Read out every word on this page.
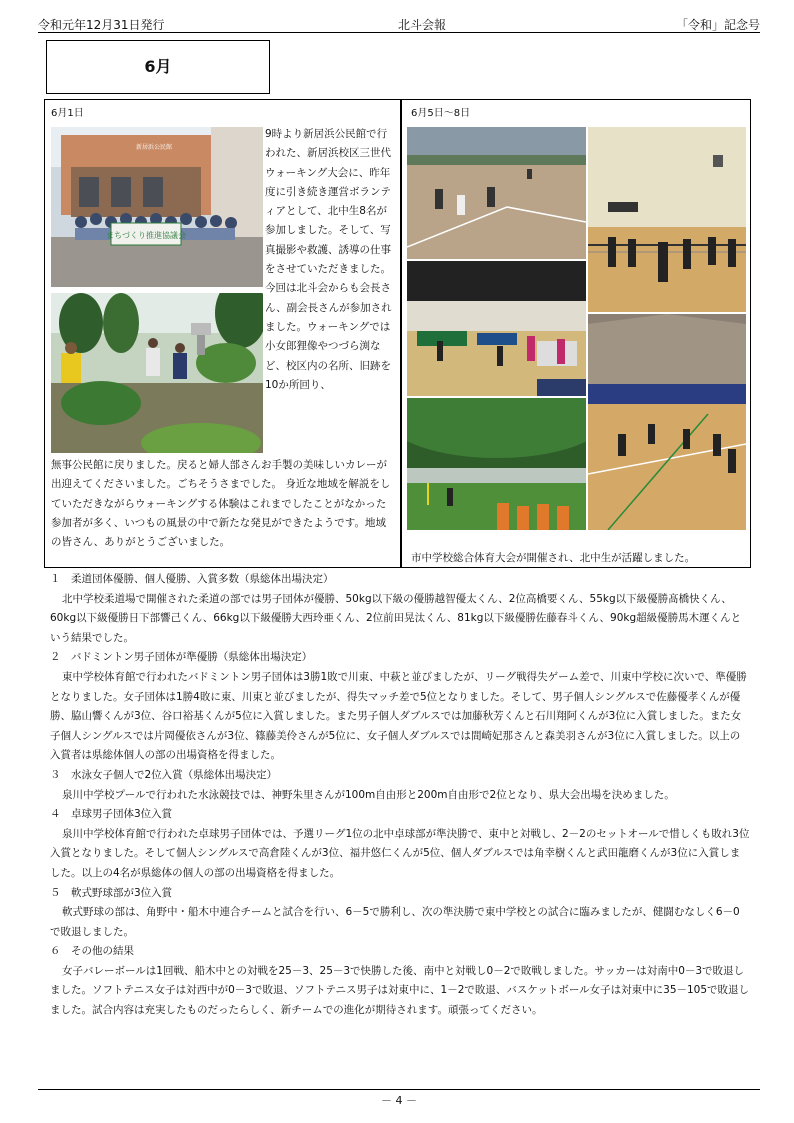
令和元年12月31日発行	北斗会報	「令和」記念号
6月
6月1日
まちづくり推進協議会
新居浜公民館
9時より新居浜公民館で行われた、新居浜校区三世代ウォーキング大会に、昨年度に引き続き運営ボランティアとして、北中生8名が参加しました。そして、写真撮影や救護、誘導の仕事をさせていただきました。今回は北斗会からも会長さん、副会長さんが参加されました。ウォーキングでは小女郎狸像やつづら渕など、校区内の名所、旧跡を10か所回り、
無事公民館に戻りました。戻ると婦人部さんお手製の美味しいカレーが出迎えてくださいました。ごちそうさまでした。 身近な地域を解説をしていただきながらウォーキングする体験はこれまでしたことがなかった参加者が多く、いつもの風景の中で新たな発見ができたようです。地域の皆さん、ありがとうございました。
6月5日～8日
市中学校総合体育大会が開催され、北中生が活躍しました。

１　柔道団体優勝、個人優勝、入賞多数（県総体出場決定）

北中学校柔道場で開催された柔道の部では男子団体が優勝、50kg以下級の優勝越智優太くん、2位高橋要くん、55kg以下級優勝髙橋快くん、60kg以下級優勝日下部響己くん、66kg以下級優勝大西玲亜くん、2位前田晃汰くん、81kg以下級優勝佐藤春斗くん、90kg超級優勝馬木運くんという結果でした。

２　バドミントン男子団体が準優勝（県総体出場決定）

東中学校体育館で行われたバドミントン男子団体は3勝1敗で川東、中萩と並びましたが、リーグ戦得失ゲーム差で、川東中学校に次いで、準優勝となりました。女子団体は1勝4敗に東、川東と並びましたが、得失マッチ差で5位となりました。そして、男子個人シングルスで佐藤優孝くんが優勝、脇山響くんが3位、谷口裕基くんが5位に入賞しました。また男子個人ダブルスでは加藤秋芳くんと石川翔阿くんが3位に入賞しました。また女子個人シングルスでは片岡優依さんが3位、篠藤美伶さんが5位に、女子個人ダブルスでは間崎妃那さんと森美羽さんが3位に入賞しました。以上の入賞者は県総体個人の部の出場資格を得ました。

３　水泳女子個人で2位入賞（県総体出場決定）

泉川中学校プールで行われた水泳競技では、神野朱里さんが100m自由形と200m自由形で2位となり、県大会出場を決めました。

４　卓球男子団体3位入賞

泉川中学校体育館で行われた卓球男子団体では、予選リーグ1位の北中卓球部が準決勝で、東中と対戦し、2－2のセットオールで惜しくも敗れ3位入賞となりました。そして個人シングルスで高倉陸くんが3位、福井悠仁くんが5位、個人ダブルスでは角幸樹くんと武田龍磨くんが3位に入賞しました。以上の4名が県総体の個人の部の出場資格を得ました。

５　軟式野球部が3位入賞

軟式野球の部は、角野中・船木中連合チームと試合を行い、6－5で勝利し、次の準決勝で東中学校との試合に臨みましたが、健闘むなしく6－0で敗退しました。

６　その他の結果

女子バレーボールは1回戦、船木中との対戦を25－3、25－3で快勝した後、南中と対戦し0－2で敗戦しました。サッカーは対南中0－3で敗退しました。ソフトテニス女子は対西中が0－3で敗退、ソフトテニス男子は対東中に、1－2で敗退、バスケットボール女子は対東中に35－105で敗退しました。試合内容は充実したものだったらしく、新チームでの進化が期待されます。頑張ってください。

－ 4 －
